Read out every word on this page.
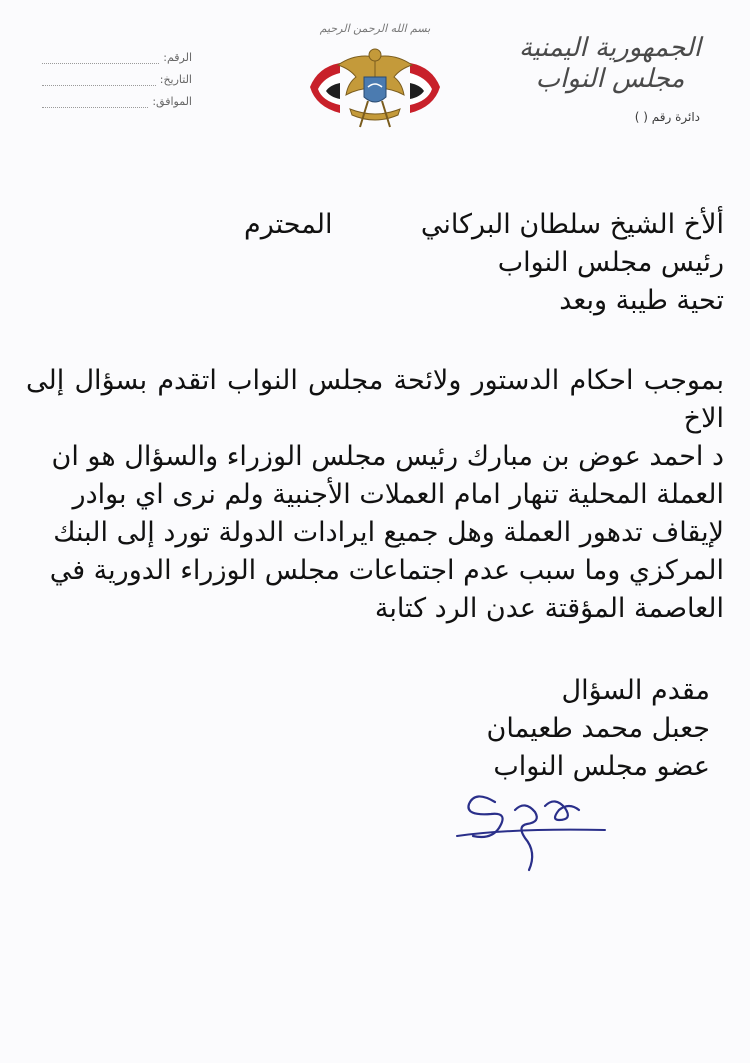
الجمهورية اليمنية
مجلس النواب
دائرة رقم ( )
بسم الله الرحمن الرحيم
الرقم:
التاريخ:
الموافق:
ألأخ الشيخ سلطان البركاني
المحترم
رئيس مجلس النواب
تحية طيبة وبعد
بموجب احكام الدستور ولائحة مجلس النواب اتقدم بسؤال إلى الاخ
د احمد عوض بن مبارك رئيس مجلس الوزراء والسؤال هو ان
العملة المحلية تنهار امام العملات الأجنبية ولم نرى اي بوادر
لإيقاف تدهور العملة وهل جميع ايرادات الدولة تورد إلى البنك
المركزي وما سبب عدم اجتماعات مجلس الوزراء الدورية في
العاصمة المؤقتة عدن الرد كتابة
مقدم السؤال
جعبل محمد طعيمان
عضو مجلس النواب
